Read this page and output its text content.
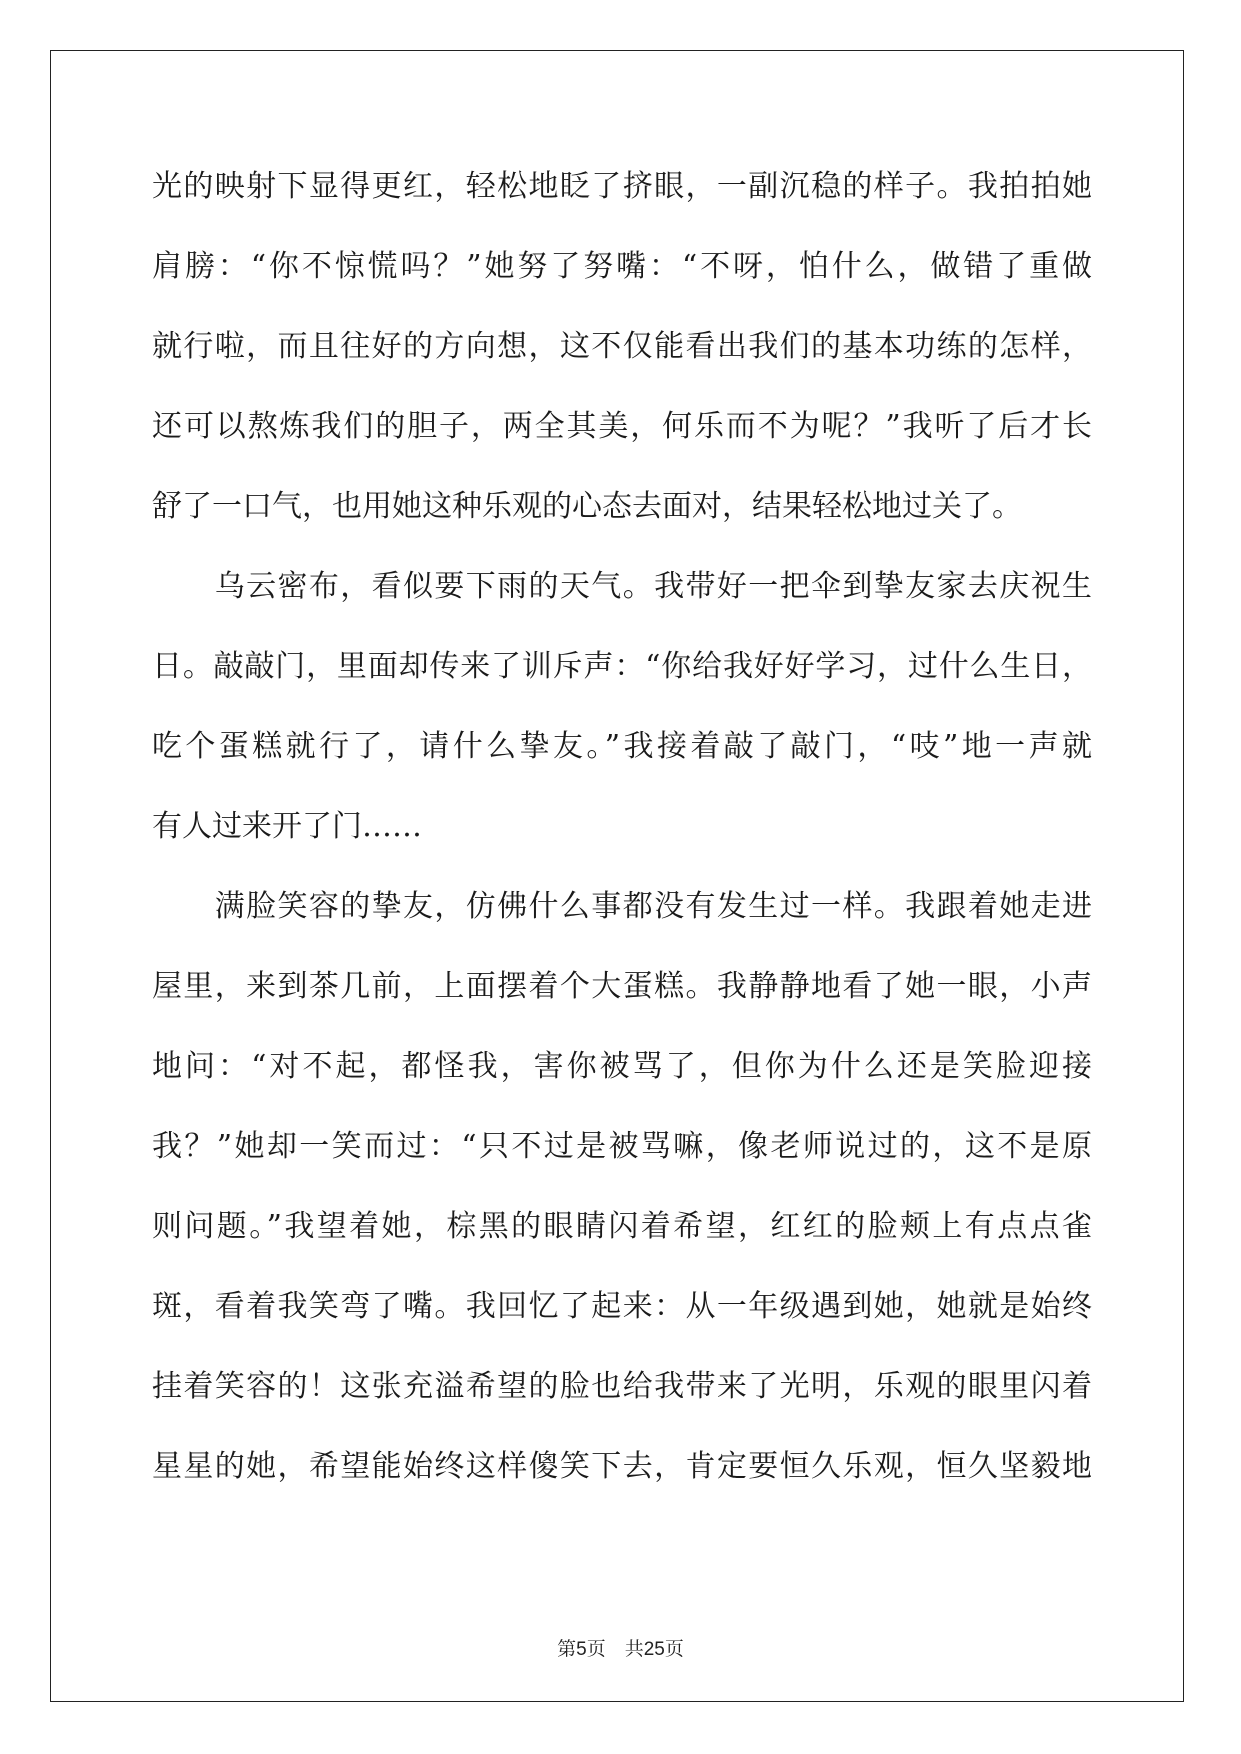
光的映射下显得更红，轻松地眨了挤眼，一副沉稳的样子。我拍拍她
肩膀：“你不惊慌吗？”她努了努嘴：“不呀，怕什么，做错了重做
就行啦，而且往好的方向想，这不仅能看出我们的基本功练的怎样，
还可以熬炼我们的胆子，两全其美，何乐而不为呢？”我听了后才长
舒了一口气，也用她这种乐观的心态去面对，结果轻松地过关了。
　　乌云密布，看似要下雨的天气。我带好一把伞到挚友家去庆祝生
日。敲敲门，里面却传来了训斥声：“你给我好好学习，过什么生日，
吃个蛋糕就行了，请什么挚友。”我接着敲了敲门，“吱”地一声就
有人过来开了门……
　　满脸笑容的挚友，仿佛什么事都没有发生过一样。我跟着她走进
屋里，来到茶几前，上面摆着个大蛋糕。我静静地看了她一眼，小声
地问：“对不起，都怪我，害你被骂了，但你为什么还是笑脸迎接
我？”她却一笑而过：“只不过是被骂嘛，像老师说过的，这不是原
则问题。”我望着她，棕黑的眼睛闪着希望，红红的脸颊上有点点雀
斑，看着我笑弯了嘴。我回忆了起来：从一年级遇到她，她就是始终
挂着笑容的！这张充溢希望的脸也给我带来了光明，乐观的眼里闪着
星星的她，希望能始终这样傻笑下去，肯定要恒久乐观，恒久坚毅地
第5页　 共25页
